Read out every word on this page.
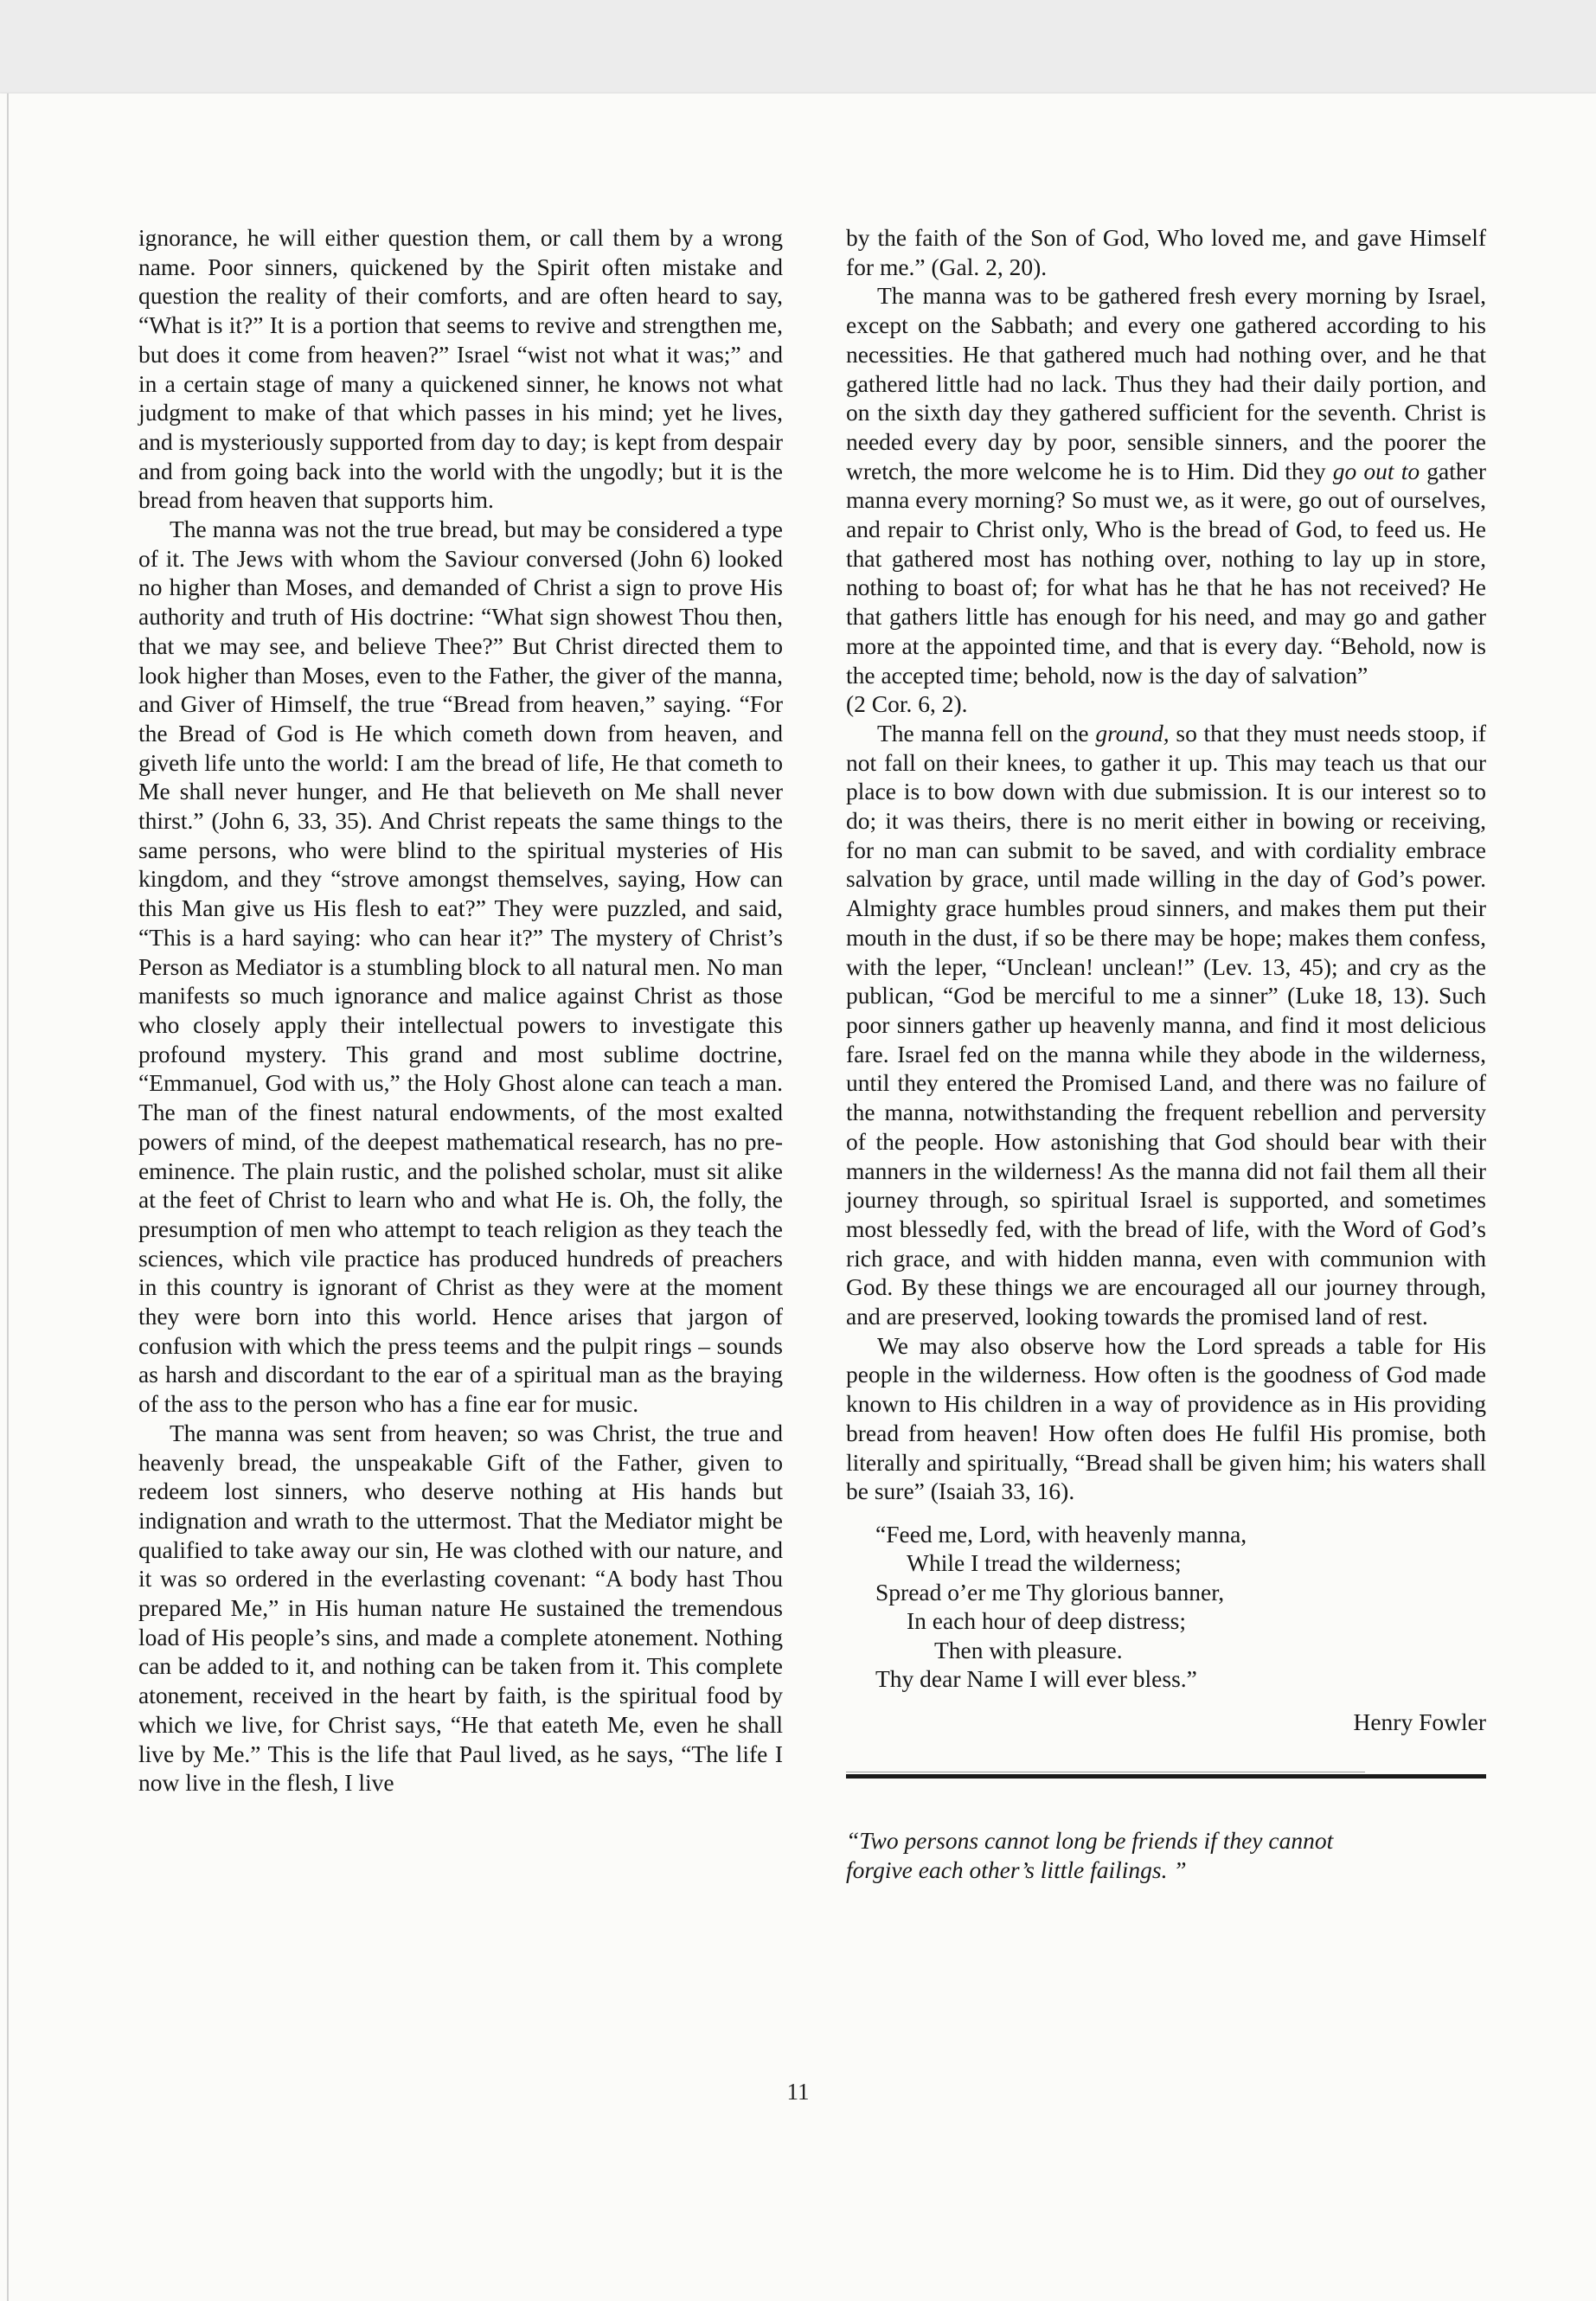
ignorance, he will either question them, or call them by a wrong name. Poor sinners, quickened by the Spirit often mistake and question the reality of their comforts, and are often heard to say, “What is it?” It is a portion that seems to revive and strengthen me, but does it come from heaven?” Israel “wist not what it was;” and in a certain stage of many a quickened sinner, he knows not what judgment to make of that which passes in his mind; yet he lives, and is mysteriously supported from day to day; is kept from despair and from going back into the world with the ungodly; but it is the bread from heaven that supports him.

The manna was not the true bread, but may be considered a type of it. The Jews with whom the Saviour conversed (John 6) looked no higher than Moses, and demanded of Christ a sign to prove His authority and truth of His doctrine: “What sign showest Thou then, that we may see, and believe Thee?” But Christ directed them to look higher than Moses, even to the Father, the giver of the manna, and Giver of Himself, the true “Bread from heaven,” saying. “For the Bread of God is He which cometh down from heaven, and giveth life unto the world: I am the bread of life, He that cometh to Me shall never hunger, and He that believeth on Me shall never thirst.” (John 6, 33, 35). And Christ repeats the same things to the same persons, who were blind to the spiritual mysteries of His kingdom, and they “strove amongst themselves, saying, How can this Man give us His flesh to eat?” They were puzzled, and said, “This is a hard saying: who can hear it?” The mystery of Christ’s Person as Mediator is a stumbling block to all natural men. No man manifests so much ignorance and malice against Christ as those who closely apply their intellectual powers to investigate this profound mystery. This grand and most sublime doctrine, “Emmanuel, God with us,” the Holy Ghost alone can teach a man. The man of the finest natural endowments, of the most exalted powers of mind, of the deepest mathematical research, has no pre-eminence. The plain rustic, and the polished scholar, must sit alike at the feet of Christ to learn who and what He is. Oh, the folly, the presumption of men who attempt to teach religion as they teach the sciences, which vile practice has produced hundreds of preachers in this country is ignorant of Christ as they were at the moment they were born into this world. Hence arises that jargon of confusion with which the press teems and the pulpit rings – sounds as harsh and discordant to the ear of a spiritual man as the braying of the ass to the person who has a fine ear for music.

The manna was sent from heaven; so was Christ, the true and heavenly bread, the unspeakable Gift of the Father, given to redeem lost sinners, who deserve nothing at His hands but indignation and wrath to the uttermost. That the Mediator might be qualified to take away our sin, He was clothed with our nature, and it was so ordered in the everlasting covenant: “A body hast Thou prepared Me,” in His human nature He sustained the tremendous load of His people’s sins, and made a complete atonement. Nothing can be added to it, and nothing can be taken from it. This complete atonement, received in the heart by faith, is the spiritual food by which we live, for Christ says, “He that eateth Me, even he shall live by Me.” This is the life that Paul lived, as he says, “The life I now live in the flesh, I live

by the faith of the Son of God, Who loved me, and gave Himself for me.” (Gal. 2, 20).

The manna was to be gathered fresh every morning by Israel, except on the Sabbath; and every one gathered according to his necessities. He that gathered much had nothing over, and he that gathered little had no lack. Thus they had their daily portion, and on the sixth day they gathered sufficient for the seventh. Christ is needed every day by poor, sensible sinners, and the poorer the wretch, the more welcome he is to Him. Did they go out to gather manna every morning? So must we, as it were, go out of ourselves, and repair to Christ only, Who is the bread of God, to feed us. He that gathered most has nothing over, nothing to lay up in store, nothing to boast of; for what has he that he has not received? He that gathers little has enough for his need, and may go and gather more at the appointed time, and that is every day. “Behold, now is the accepted time; behold, now is the day of salvation”

(2 Cor. 6, 2).

The manna fell on the ground, so that they must needs stoop, if not fall on their knees, to gather it up. This may teach us that our place is to bow down with due submission. It is our interest so to do; it was theirs, there is no merit either in bowing or receiving, for no man can submit to be saved, and with cordiality embrace salvation by grace, until made willing in the day of God’s power. Almighty grace humbles proud sinners, and makes them put their mouth in the dust, if so be there may be hope; makes them confess, with the leper, “Unclean! unclean!” (Lev. 13, 45); and cry as the publican, “God be merciful to me a sinner” (Luke 18, 13). Such poor sinners gather up heavenly manna, and find it most delicious fare. Israel fed on the manna while they abode in the wilderness, until they entered the Promised Land, and there was no failure of the manna, notwithstanding the frequent rebellion and perversity of the people. How astonishing that God should bear with their manners in the wilderness! As the manna did not fail them all their journey through, so spiritual Israel is supported, and sometimes most blessedly fed, with the bread of life, with the Word of God’s rich grace, and with hidden manna, even with communion with God. By these things we are encouraged all our journey through, and are preserved, looking towards the promised land of rest.

We may also observe how the Lord spreads a table for His people in the wilderness. How often is the goodness of God made known to His children in a way of providence as in His providing bread from heaven! How often does He fulfil His promise, both literally and spiritually, “Bread shall be given him; his waters shall be sure” (Isaiah 33, 16).

“Feed me, Lord, with heavenly manna,
While I tread the wilderness;
Spread o’er me Thy glorious banner,
In each hour of deep distress;
Then with pleasure.
Thy dear Name I will ever bless.”
Henry Fowler
“Two persons cannot long be friends if they cannot
forgive each other’s little failings. ”
11
